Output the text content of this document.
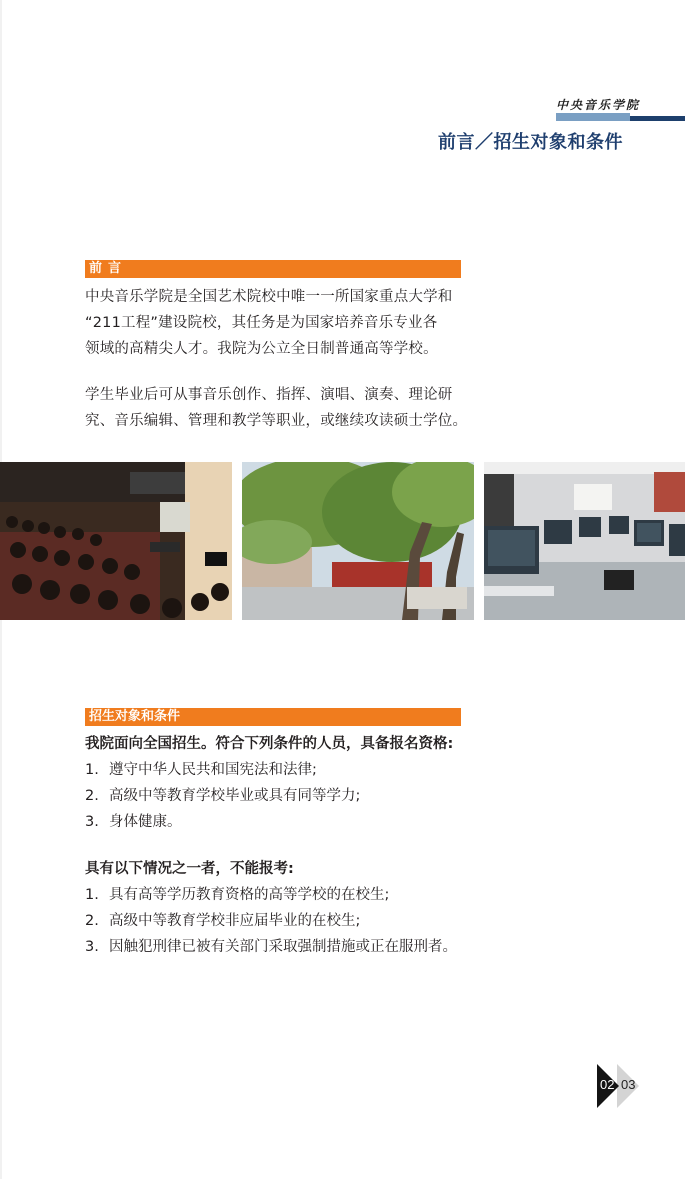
中央音乐学院
前言／招生对象和条件
前言
中央音乐学院是全国艺术院校中唯一一所国家重点大学和
“211工程”建设院校，其任务是为国家培养音乐专业各
领域的高精尖人才。我院为公立全日制普通高等学校。
学生毕业后可从事音乐创作、指挥、演唱、演奏、理论研
究、音乐编辑、管理和教学等职业，或继续攻读硕士学位。
招生对象和条件
我院面向全国招生。符合下列条件的人员，具备报名资格:
1. 遵守中华人民共和国宪法和法律;
2. 高级中等教育学校毕业或具有同等学力;
3. 身体健康。
具有以下情况之一者，不能报考:
1. 具有高等学历教育资格的高等学校的在校生;
2. 高级中等教育学校非应届毕业的在校生;
3. 因触犯刑律已被有关部门采取强制措施或正在服刑者。
02 03
